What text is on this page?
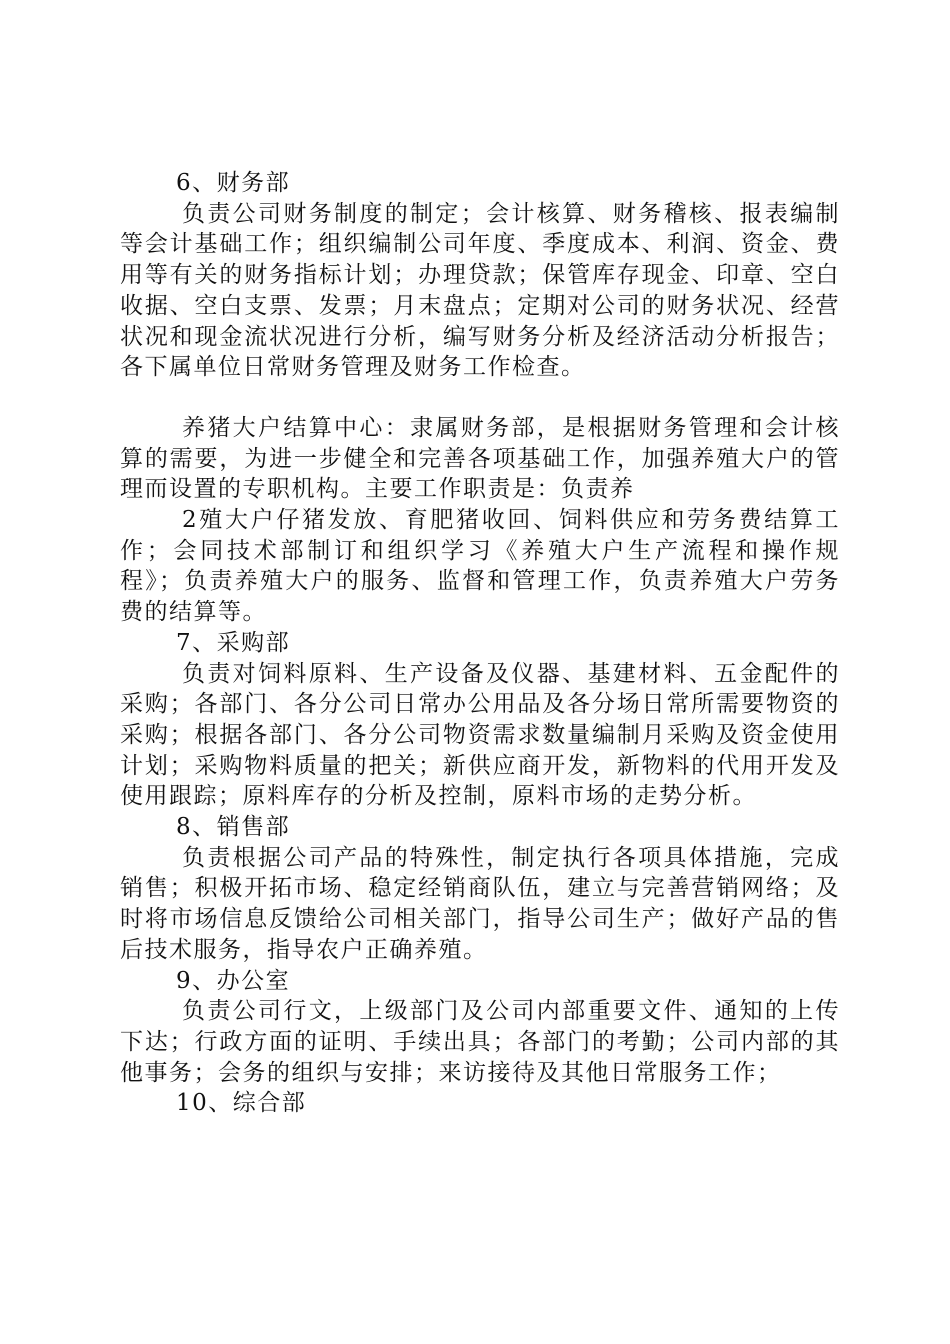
6、财务部

负责公司财务制度的制定；会计核算、财务稽核、报表编制等会计基础工作；组织编制公司年度、季度成本、利润、资金、费用等有关的财务指标计划；办理贷款；保管库存现金、印章、空白收据、空白支票、发票；月末盘点；定期对公司的财务状况、经营状况和现金流状况进行分析，编写财务分析及经济活动分析报告；各下属单位日常财务管理及财务工作检查。

养猪大户结算中心：隶属财务部，是根据财务管理和会计核算的需要，为进一步健全和完善各项基础工作，加强养殖大户的管理而设置的专职机构。主要工作职责是：负责养

2殖大户仔猪发放、育肥猪收回、饲料供应和劳务费结算工作；会同技术部制订和组织学习《养殖大户生产流程和操作规程》；负责养殖大户的服务、监督和管理工作，负责养殖大户劳务费的结算等。

7、采购部

负责对饲料原料、生产设备及仪器、基建材料、五金配件的采购；各部门、各分公司日常办公用品及各分场日常所需要物资的采购；根据各部门、各分公司物资需求数量编制月采购及资金使用计划；采购物料质量的把关；新供应商开发，新物料的代用开发及使用跟踪；原料库存的分析及控制，原料市场的走势分析。

8、销售部

负责根据公司产品的特殊性，制定执行各项具体措施，完成销售；积极开拓市场、稳定经销商队伍，建立与完善营销网络；及时将市场信息反馈给公司相关部门，指导公司生产；做好产品的售后技术服务，指导农户正确养殖。

9、办公室

负责公司行文，上级部门及公司内部重要文件、通知的上传下达；行政方面的证明、手续出具；各部门的考勤；公司内部的其他事务；会务的组织与安排；来访接待及其他日常服务工作；

10、综合部
